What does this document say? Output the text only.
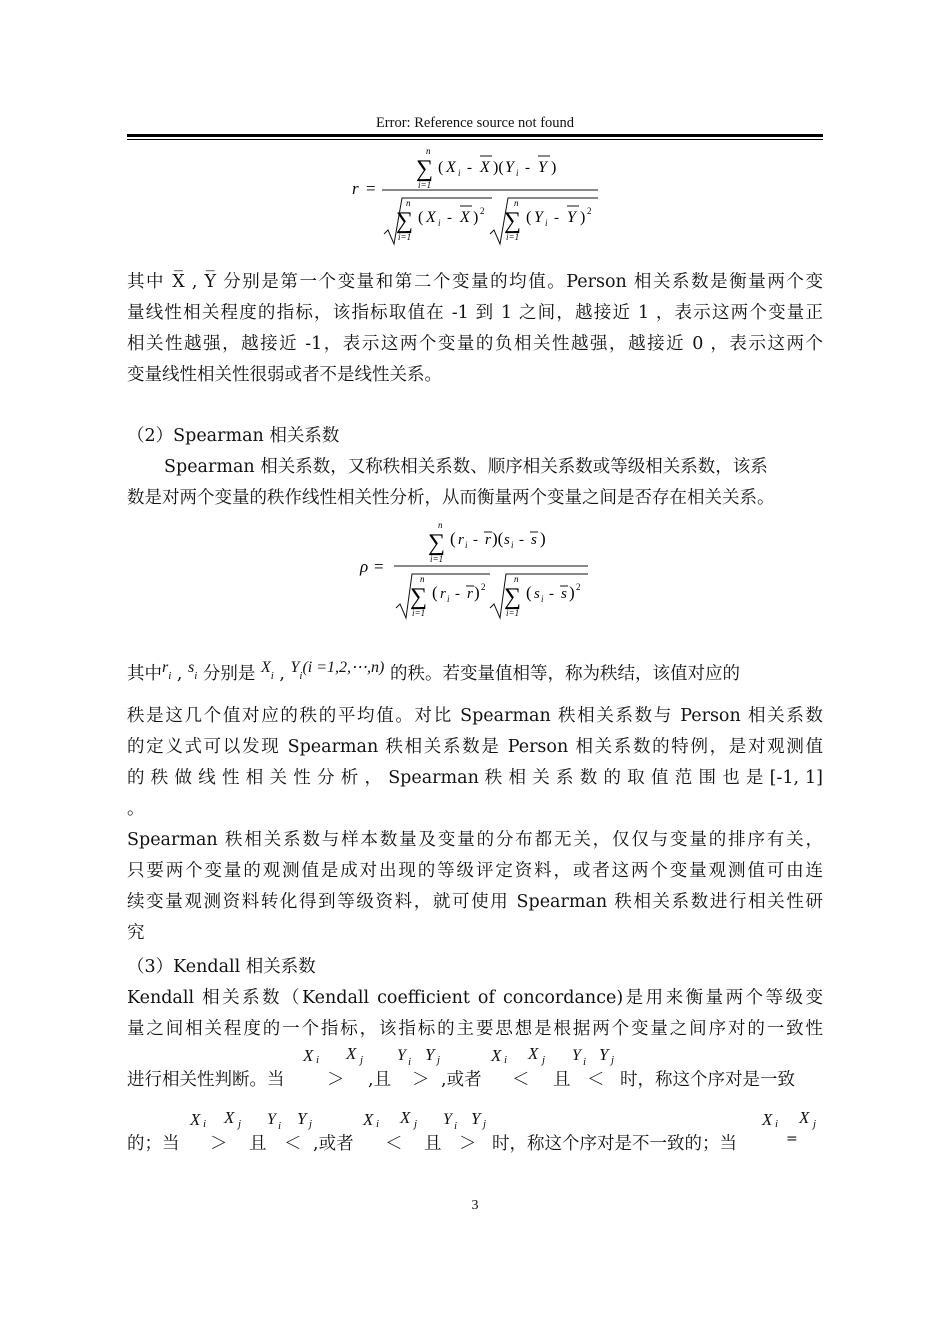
Error: Reference source not found
r =
n
∑
i=1
( X i - X )( Y i - Y )
n
∑
i=1
( X i - X ) 2
n
∑
i=1
( Y i - Y ) 2

其中 X̅ , Y̅ 分别是第一个变量和第二个变量的均值。Person 相关系数是衡量两个变

量线性相关程度的指标，该指标取值在 -1 到 1 之间，越接近 1 ，表示这两个变量正

相关性越强，越接近 -1，表示这两个变量的负相关性越强，越接近 0 ，表示这两个

变量线性相关性很弱或者不是线性关系。

（2）Spearman 相关系数

Spearman 相关系数，又称秩相关系数、顺序相关系数或等级相关系数，该系

数是对两个变量的秩作线性相关性分析，从而衡量两个变量之间是否存在相关关系。

ρ =
n
∑
i=1
( r i - r )( s i - s )
n
∑
i=1
( r i - r ) 2
n
∑
i=1
( s i - s ) 2
其中ri , si 分别是 Xi , Yi(i =1,2,⋯,n) 的秩。若变量值相等，称为秩结，该值对应的

秩是这几个值对应的秩的平均值。对比 Spearman 秩相关系数与 Person 相关系数

的定义式可以发现 Spearman 秩相关系数是 Person 相关系数的特例，是对观测值

的 秩 做 线 性 相 关 性 分 析 ， Spearman 秩 相 关 系 数 的 取 值 范 围 也 是 [-1, 1] 。

Spearman 秩相关系数与样本数量及变量的分布都无关，仅仅与变量的排序有关，

只要两个变量的观测值是成对出现的等级评定资料，或者这两个变量观测值可由连

续变量观测资料转化得到等级资料，就可使用 Spearman 秩相关系数进行相关性研

究

（3）Kendall 相关系数

Kendall 相关系数（Kendall coefficient of concordance)是用来衡量两个等级变

量之间相关程度的一个指标，该指标的主要思想是根据两个变量之间序对的一致性

进行相关性判断。当
X i
＞
X j
,且
Y i
＞
Y j
,或者
X i
＜
X j
且
Y i
＜
Y j
时，称这个序对是一致
的；当
X i
＞
X j
且
Y i
＜
Y j
,或者
X i
＜
X j
且
Y i
＞
Y j
时，称这个序对是不一致的；当
X i
=
X j
3
